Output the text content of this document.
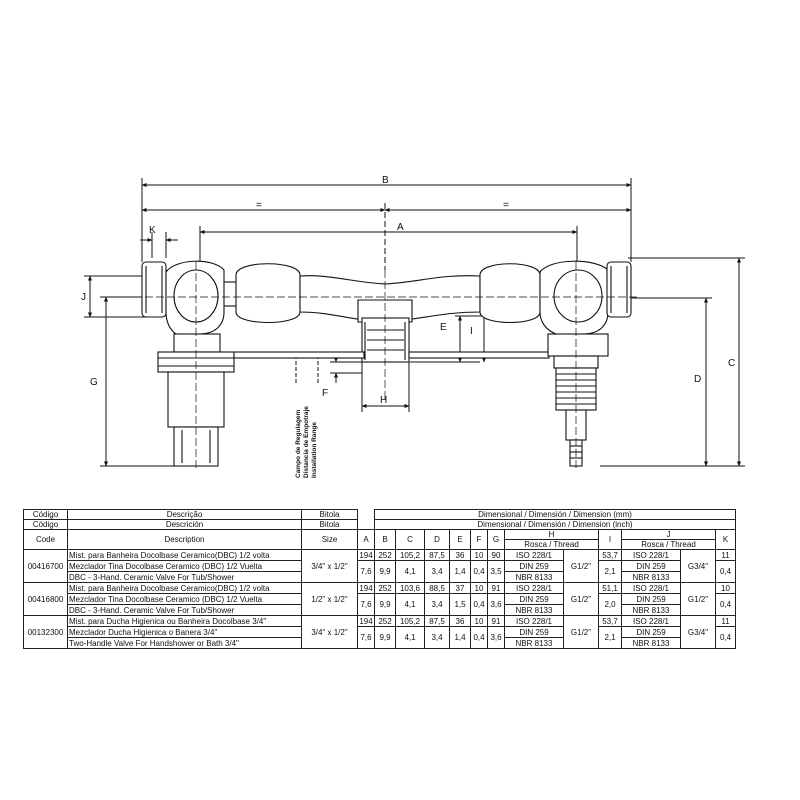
B
=	=
A
K
C
D
G
J
E I
F
H
Campo de Regulagem Distancia de Empotraje Installation Range
Código	Descrição	Bitola		Dimensional / Dimensión / Dimension (mm)											
Código	Descrición	Bitola		Dimensional / Dimensión / Dimension (inch)											
Code	Description	Size	A	B	C	D	E	F	G	H		I	J		K
										Rosca / Thread			Rosca / Thread		
00416700	Mist. para Banheira Docolbase Ceramico(DBC) 1/2 volta	3/4" x 1/2"	194	252	105,2	87,5	36	10	90	ISO 228/1	G1/2"	53,7	ISO 228/1	G3/4"	11
	Mezclador Tina Docolbase Ceramico (DBC) 1/2 Vuelta		7,6	9,9	4,1	3,4	1,4	0,4	3,5	DIN 259		2,1	DIN 259		0,4
	DBC - 3-Hand. Ceramic Valve For Tub/Shower									NBR 8133			NBR 8133		
00416800	Mist. para Banheira Docolbase Ceramico(DBC) 1/2 volta	1/2" x 1/2"	194	252	103,6	88,5	37	10	91	ISO 228/1	G1/2"	51,1	ISO 228/1	G1/2"	10
	Mezclador Tina Docolbase Ceramico (DBC) 1/2 Vuelta		7,6	9,9	4,1	3,4	1,5	0,4	3,6	DIN 259		2,0	DIN 259		0,4
	DBC - 3-Hand. Ceramic Valve For Tub/Shower									NBR 8133			NBR 8133		
00132300	Mist. para Ducha Higienica ou Banheira Docolbase 3/4"	3/4" x 1/2"	194	252	105,2	87,5	36	10	91	ISO 228/1	G1/2"	53,7	ISO 228/1	G3/4"	11
	Mezclador Ducha Higienica o Banera 3/4"		7,6	9,9	4,1	3,4	1,4	0,4	3,6	DIN 259		2,1	DIN 259		0,4
	Two-Handle Valve For Handshower or Bath 3/4"									NBR 8133			NBR 8133		
